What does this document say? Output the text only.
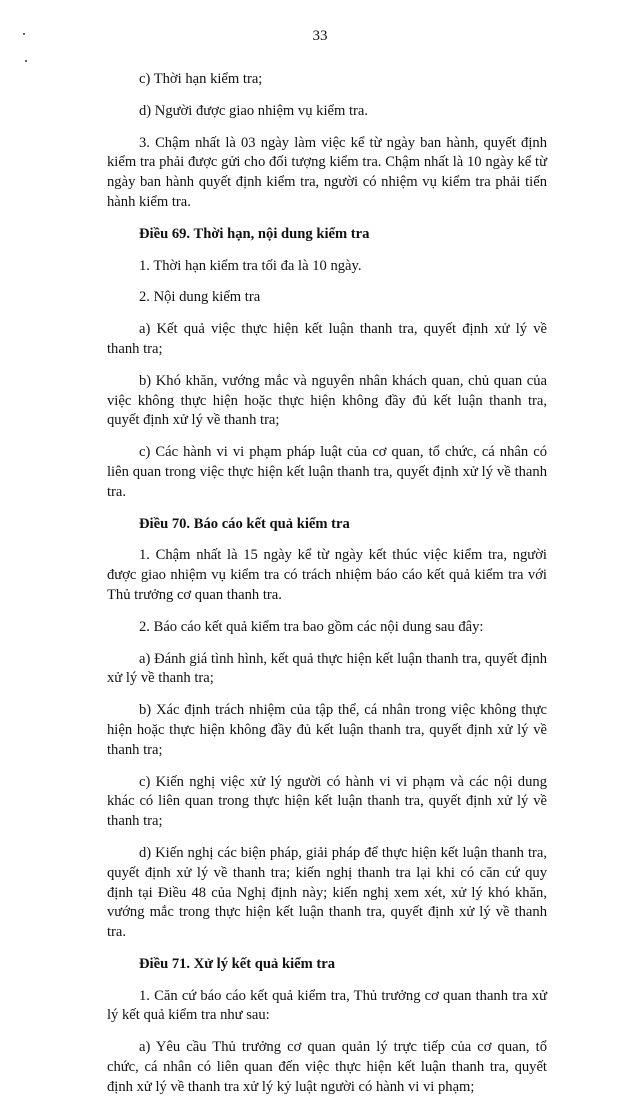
33

c) Thời hạn kiểm tra;

d) Người được giao nhiệm vụ kiểm tra.

3. Chậm nhất là 03 ngày làm việc kể từ ngày ban hành, quyết định kiểm tra phải được gửi cho đối tượng kiểm tra. Chậm nhất là 10 ngày kể từ ngày ban hành quyết định kiểm tra, người có nhiệm vụ kiểm tra phải tiến hành kiểm tra.

Điều 69. Thời hạn, nội dung kiểm tra

1. Thời hạn kiểm tra tối đa là 10 ngày.

2. Nội dung kiểm tra

a) Kết quả việc thực hiện kết luận thanh tra, quyết định xử lý về thanh tra;

b) Khó khăn, vướng mắc và nguyên nhân khách quan, chủ quan của việc không thực hiện hoặc thực hiện không đầy đủ kết luận thanh tra, quyết định xử lý về thanh tra;

c) Các hành vi vi phạm pháp luật của cơ quan, tổ chức, cá nhân có liên quan trong việc thực hiện kết luận thanh tra, quyết định xử lý về thanh tra.

Điều 70. Báo cáo kết quả kiểm tra

1. Chậm nhất là 15 ngày kể từ ngày kết thúc việc kiểm tra, người được giao nhiệm vụ kiểm tra có trách nhiệm báo cáo kết quả kiểm tra với Thủ trưởng cơ quan thanh tra.

2. Báo cáo kết quả kiểm tra bao gồm các nội dung sau đây:

a) Đánh giá tình hình, kết quả thực hiện kết luận thanh tra, quyết định xử lý về thanh tra;

b) Xác định trách nhiệm của tập thể, cá nhân trong việc không thực hiện hoặc thực hiện không đầy đủ kết luận thanh tra, quyết định xử lý về thanh tra;

c) Kiến nghị việc xử lý người có hành vi vi phạm và các nội dung khác có liên quan trong thực hiện kết luận thanh tra, quyết định xử lý về thanh tra;

d) Kiến nghị các biện pháp, giải pháp để thực hiện kết luận thanh tra, quyết định xử lý về thanh tra; kiến nghị thanh tra lại khi có căn cứ quy định tại Điều 48 của Nghị định này; kiến nghị xem xét, xử lý khó khăn, vướng mắc trong thực hiện kết luận thanh tra, quyết định xử lý về thanh tra.

Điều 71. Xử lý kết quả kiểm tra

1. Căn cứ báo cáo kết quả kiểm tra, Thủ trưởng cơ quan thanh tra xử lý kết quả kiểm tra như sau:

a) Yêu cầu Thủ trưởng cơ quan quản lý trực tiếp của cơ quan, tổ chức, cá nhân có liên quan đến việc thực hiện kết luận thanh tra, quyết định xử lý về thanh tra xử lý kỷ luật người có hành vi vi phạm;
